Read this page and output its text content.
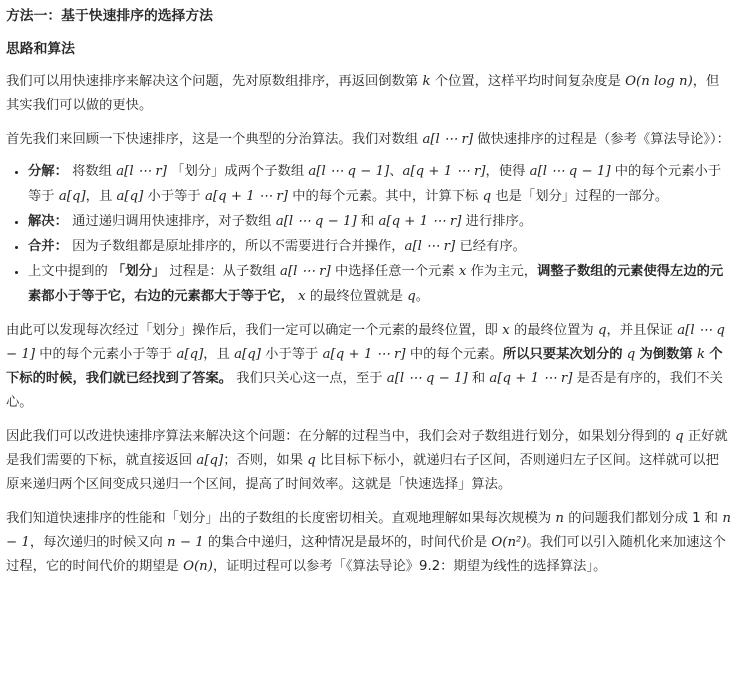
方法一：基于快速排序的选择方法
思路和算法

我们可以用快速排序来解决这个问题，先对原数组排序，再返回倒数第 k 个位置，这样平均时间复杂度是 O(n log n)，但其实我们可以做的更快。

首先我们来回顾一下快速排序，这是一个典型的分治算法。我们对数组 a[l ⋯ r] 做快速排序的过程是（参考《算法导论》）：

• 分解： 将数组 a[l ⋯ r] 「划分」成两个子数组 a[l ⋯ q − 1]、a[q + 1 ⋯ r]，使得 a[l ⋯ q − 1] 中的每个元素小于等于 a[q]，且 a[q] 小于等于 a[q + 1 ⋯ r] 中的每个元素。其中，计算下标 q 也是「划分」过程的一部分。
• 解决： 通过递归调用快速排序，对子数组 a[l ⋯ q − 1] 和 a[q + 1 ⋯ r] 进行排序。
• 合并： 因为子数组都是原址排序的，所以不需要进行合并操作，a[l ⋯ r] 已经有序。
• 上文中提到的 「划分」 过程是：从子数组 a[l ⋯ r] 中选择任意一个元素 x 作为主元，调整子数组的元素使得左边的元素都小于等于它，右边的元素都大于等于它， x 的最终位置就是 q。

由此可以发现每次经过「划分」操作后，我们一定可以确定一个元素的最终位置，即 x 的最终位置为 q，并且保证 a[l ⋯ q − 1] 中的每个元素小于等于 a[q]，且 a[q] 小于等于 a[q + 1 ⋯ r] 中的每个元素。所以只要某次划分的 q 为倒数第 k 个下标的时候，我们就已经找到了答案。 我们只关心这一点，至于 a[l ⋯ q − 1] 和 a[q + 1 ⋯ r] 是否是有序的，我们不关心。

因此我们可以改进快速排序算法来解决这个问题：在分解的过程当中，我们会对子数组进行划分，如果划分得到的 q 正好就是我们需要的下标，就直接返回 a[q]；否则，如果 q 比目标下标小，就递归右子区间，否则递归左子区间。这样就可以把原来递归两个区间变成只递归一个区间，提高了时间效率。这就是「快速选择」算法。

我们知道快速排序的性能和「划分」出的子数组的长度密切相关。直观地理解如果每次规模为 n 的问题我们都划分成 1 和 n − 1，每次递归的时候又向 n − 1 的集合中递归，这种情况是最坏的，时间代价是 O(n²)。我们可以引入随机化来加速这个过程，它的时间代价的期望是 O(n)，证明过程可以参考「《算法导论》9.2：期望为线性的选择算法」。
